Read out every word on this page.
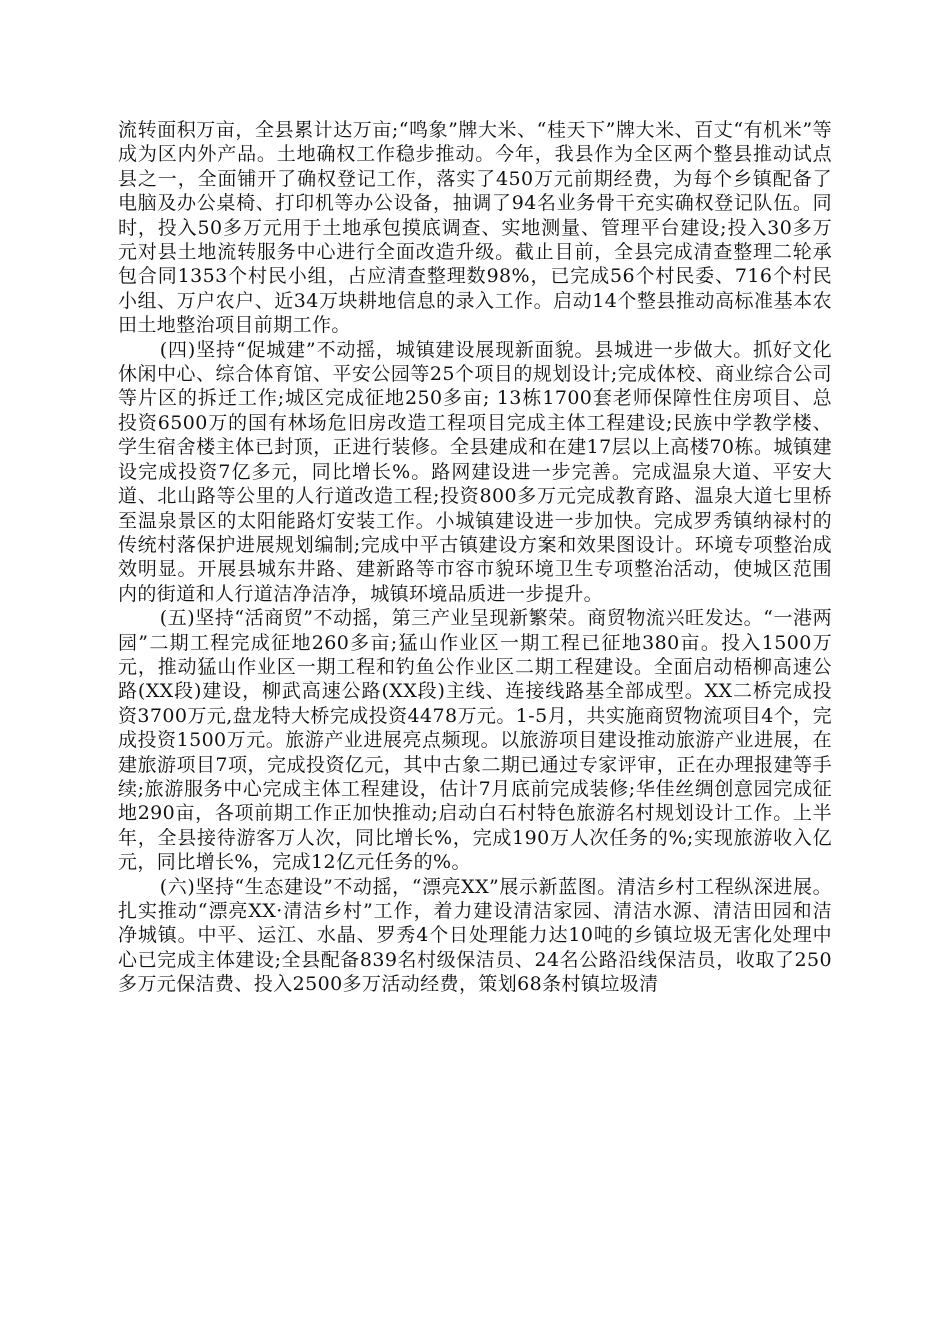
流转面积万亩，全县累计达万亩;“鸣象”牌大米、“桂天下”牌大米、百丈“有机米”等成为区内外产品。土地确权工作稳步推动。今年，我县作为全区两个整县推动试点县之一，全面铺开了确权登记工作，落实了450万元前期经费，为每个乡镇配备了电脑及办公桌椅、打印机等办公设备，抽调了94名业务骨干充实确权登记队伍。同时，投入50多万元用于土地承包摸底调查、实地测量、管理平台建设;投入30多万元对县土地流转服务中心进行全面改造升级。截止目前，全县完成清查整理二轮承包合同1353个村民小组，占应清查整理数98%，已完成56个村民委、716个村民小组、万户农户、近34万块耕地信息的录入工作。启动14个整县推动高标准基本农田土地整治项目前期工作。

(四)坚持“促城建”不动摇，城镇建设展现新面貌。县城进一步做大。抓好文化休闲中心、综合体育馆、平安公园等25个项目的规划设计;完成体校、商业综合公司等片区的拆迁工作;城区完成征地250多亩; 13栋1700套老师保障性住房项目、总投资6500万的国有林场危旧房改造工程项目完成主体工程建设;民族中学教学楼、学生宿舍楼主体已封顶，正进行装修。全县建成和在建17层以上高楼70栋。城镇建设完成投资7亿多元，同比增长%。路网建设进一步完善。完成温泉大道、平安大道、北山路等公里的人行道改造工程;投资800多万元完成教育路、温泉大道七里桥至温泉景区的太阳能路灯安装工作。小城镇建设进一步加快。完成罗秀镇纳禄村的传统村落保护进展规划编制;完成中平古镇建设方案和效果图设计。环境专项整治成效明显。开展县城东井路、建新路等市容市貌环境卫生专项整治活动，使城区范围内的街道和人行道洁净洁净，城镇环境品质进一步提升。

(五)坚持“活商贸”不动摇，第三产业呈现新繁荣。商贸物流兴旺发达。“一港两园”二期工程完成征地260多亩;猛山作业区一期工程已征地380亩。投入1500万元，推动猛山作业区一期工程和钓鱼公作业区二期工程建设。全面启动梧柳高速公路(XX段)建设，柳武高速公路(XX段)主线、连接线路基全部成型。XX二桥完成投资3700万元,盘龙特大桥完成投资4478万元。1-5月，共实施商贸物流项目4个，完成投资1500万元。旅游产业进展亮点频现。以旅游项目建设推动旅游产业进展，在建旅游项目7项，完成投资亿元，其中古象二期已通过专家评审，正在办理报建等手续;旅游服务中心完成主体工程建设，估计7月底前完成装修;华佳丝绸创意园完成征地290亩，各项前期工作正加快推动;启动白石村特色旅游名村规划设计工作。上半年，全县接待游客万人次，同比增长%，完成190万人次任务的%;实现旅游收入亿元，同比增长%，完成12亿元任务的%。

(六)坚持“生态建设”不动摇，“漂亮XX”展示新蓝图。清洁乡村工程纵深进展。扎实推动“漂亮XX·清洁乡村”工作，着力建设清洁家园、清洁水源、清洁田园和洁净城镇。中平、运江、水晶、罗秀4个日处理能力达10吨的乡镇垃圾无害化处理中心已完成主体建设;全县配备839名村级保洁员、24名公路沿线保洁员，收取了250多万元保洁费、投入2500多万活动经费，策划68条村镇垃圾清
